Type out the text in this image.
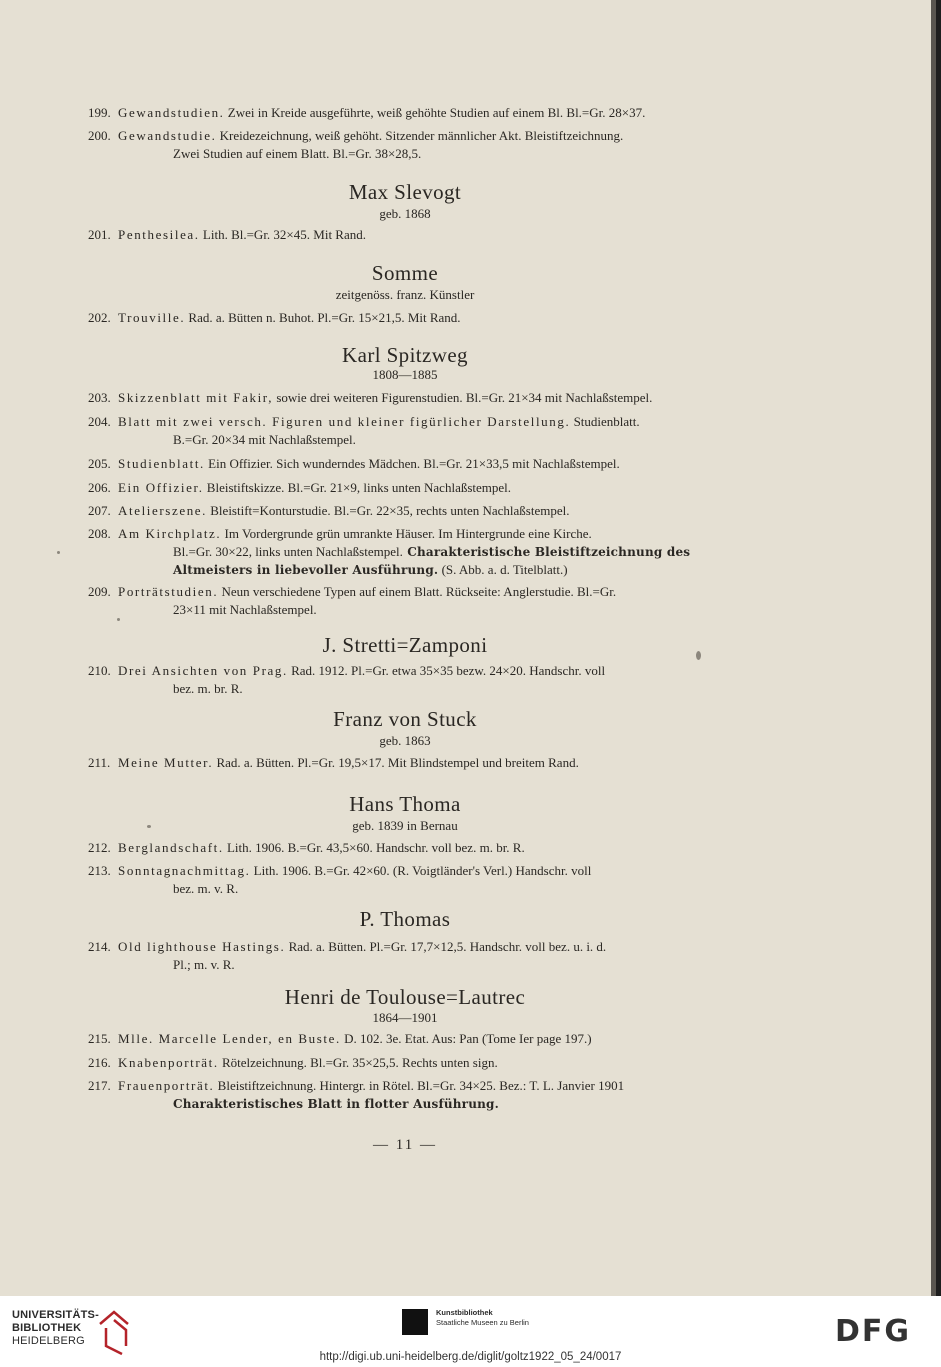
199. Gewandstudien. Zwei in Kreide ausgeführte, weiß gehöhte Studien auf einem Bl. Bl.=Gr. 28×37.
200. Gewandstudie. Kreidezeichnung, weiß gehöht. Sitzender männlicher Akt. Bleistiftzeichnung.
Zwei Studien auf einem Blatt. Bl.=Gr. 38×28,5.
Max Slevogt
geb. 1868
201. Penthesilea. Lith. Bl.=Gr. 32×45. Mit Rand.
Somme
zeitgenöss. franz. Künstler
202. Trouville. Rad. a. Bütten n. Buhot. Pl.=Gr. 15×21,5. Mit Rand.
Karl Spitzweg
1808—1885
203. Skizzenblatt mit Fakir, sowie drei weiteren Figurenstudien. Bl.=Gr. 21×34 mit Nachlaßstempel.
204. Blatt mit zwei versch. Figuren und kleiner figürlicher Darstellung. Studienblatt.
B.=Gr. 20×34 mit Nachlaßstempel.
205. Studienblatt. Ein Offizier. Sich wunderndes Mädchen. Bl.=Gr. 21×33,5 mit Nachlaßstempel.
206. Ein Offizier. Bleistiftskizze. Bl.=Gr. 21×9, links unten Nachlaßstempel.
207. Atelierszene. Bleistift=Konturstudie. Bl.=Gr. 22×35, rechts unten Nachlaßstempel.
208. Am Kirchplatz. Im Vordergrunde grün umrankte Häuser. Im Hintergrunde eine Kirche.
Bl.=Gr. 30×22, links unten Nachlaßstempel. Charakteristische Bleistiftzeichnung des
Altmeisters in liebevoller Ausführung. (S. Abb. a. d. Titelblatt.)
209. Porträtstudien. Neun verschiedene Typen auf einem Blatt. Rückseite: Anglerstudie. Bl.=Gr.
23×11 mit Nachlaßstempel.
J. Stretti=Zamponi
210. Drei Ansichten von Prag. Rad. 1912. Pl.=Gr. etwa 35×35 bezw. 24×20. Handschr. voll
bez. m. br. R.
Franz von Stuck
geb. 1863
211. Meine Mutter. Rad. a. Bütten. Pl.=Gr. 19,5×17. Mit Blindstempel und breitem Rand.
Hans Thoma
geb. 1839 in Bernau
212. Berglandschaft. Lith. 1906. B.=Gr. 43,5×60. Handschr. voll bez. m. br. R.
213. Sonntagnachmittag. Lith. 1906. B.=Gr. 42×60. (R. Voigtländer's Verl.) Handschr. voll
bez. m. v. R.
P. Thomas
214. Old lighthouse Hastings. Rad. a. Bütten. Pl.=Gr. 17,7×12,5. Handschr. voll bez. u. i. d.
Pl.; m. v. R.
Henri de Toulouse=Lautrec
1864—1901
215. Mlle. Marcelle Lender, en Buste. D. 102. 3e. Etat. Aus: Pan (Tome Ier page 197.)
216. Knabenporträt. Rötelzeichnung. Bl.=Gr. 35×25,5. Rechts unten sign.
217. Frauenporträt. Bleistiftzeichnung. Hintergr. in Rötel. Bl.=Gr. 34×25. Bez.: T. L. Janvier 1901
Charakteristisches Blatt in flotter Ausführung.
— 11 —
UNIVERSITÄTS-
BIBLIOTHEK
HEIDELBERG
Kunstbibliothek
Staatliche Museen zu Berlin	DFG
http://digi.ub.uni-heidelberg.de/diglit/goltz1922_05_24/0017
